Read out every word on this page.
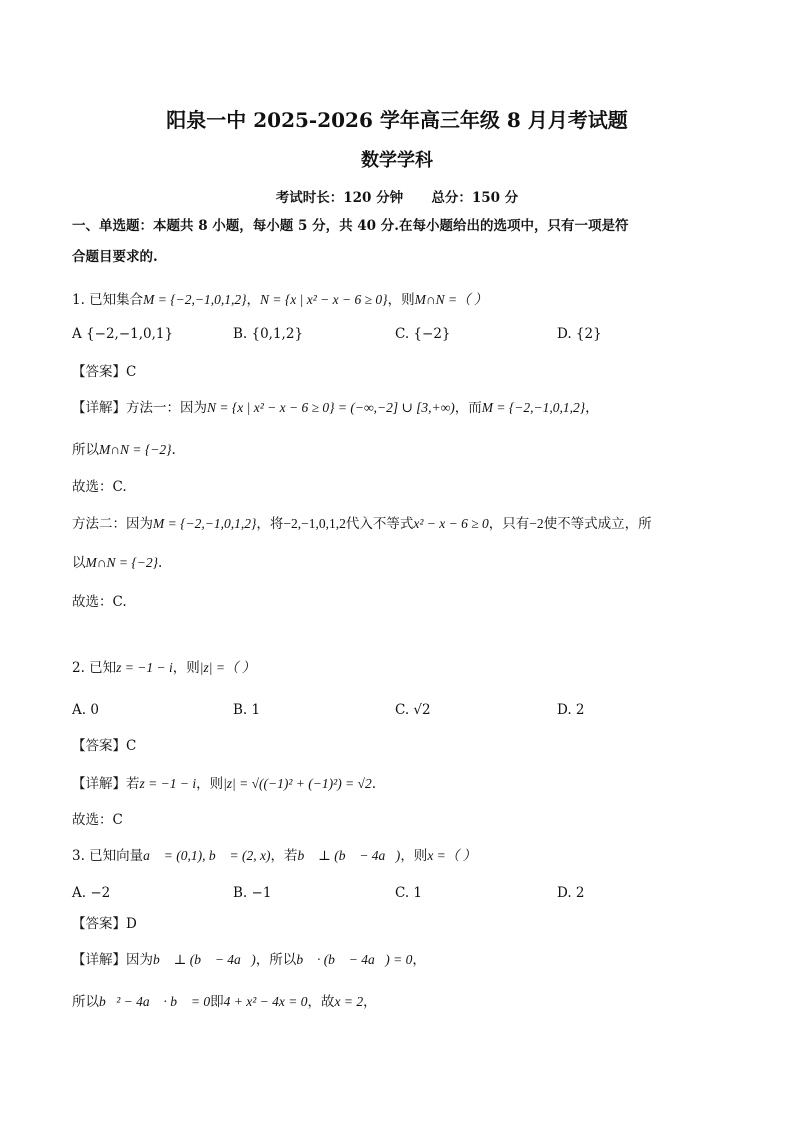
阳泉一中 2025-2026 学年高三年级 8 月月考试题
数学学科
考试时长：120 分钟      总分：150 分
一、单选题：本题共 8 小题，每小题 5 分，共 40 分.在每小题给出的选项中，只有一项是符
合题目要求的.
1. 已知集合M = {−2,−1,0,1,2}，N = {x | x² − x − 6 ≥ 0}，则M∩N =（ ）
A {−2,−1,0,1}	B. {0,1,2}	C. {−2}	D. {2}
【答案】C
【详解】方法一：因为N = {x | x² − x − 6 ≥ 0} = (−∞,−2] ∪ [3,+∞)，而M = {−2,−1,0,1,2}，
所以M∩N = {−2}.
故选：C.
方法二：因为M = {−2,−1,0,1,2}，将−2,−1,0,1,2代入不等式x² − x − 6 ≥ 0，只有−2使不等式成立，所
以M∩N = {−2}.
故选：C.
2. 已知z = −1 − i，则|z| =（ ）
A. 0	B. 1	C. √2	D. 2
【答案】C
【详解】若z = −1 − i，则|z| = √((−1)² + (−1)²) = √2.
故选：C
3. 已知向量a⃗ = (0,1), b⃗ = (2, x)，若b⃗ ⊥ (b⃗ − 4a⃗)，则x =（ ）
A. −2	B. −1	C. 1	D. 2
【答案】D
【详解】因为b⃗ ⊥ (b⃗ − 4a⃗)，所以b⃗ · (b⃗ − 4a⃗) = 0，
所以b⃗² − 4a⃗ · b⃗ = 0即4 + x² − 4x = 0，故x = 2，
